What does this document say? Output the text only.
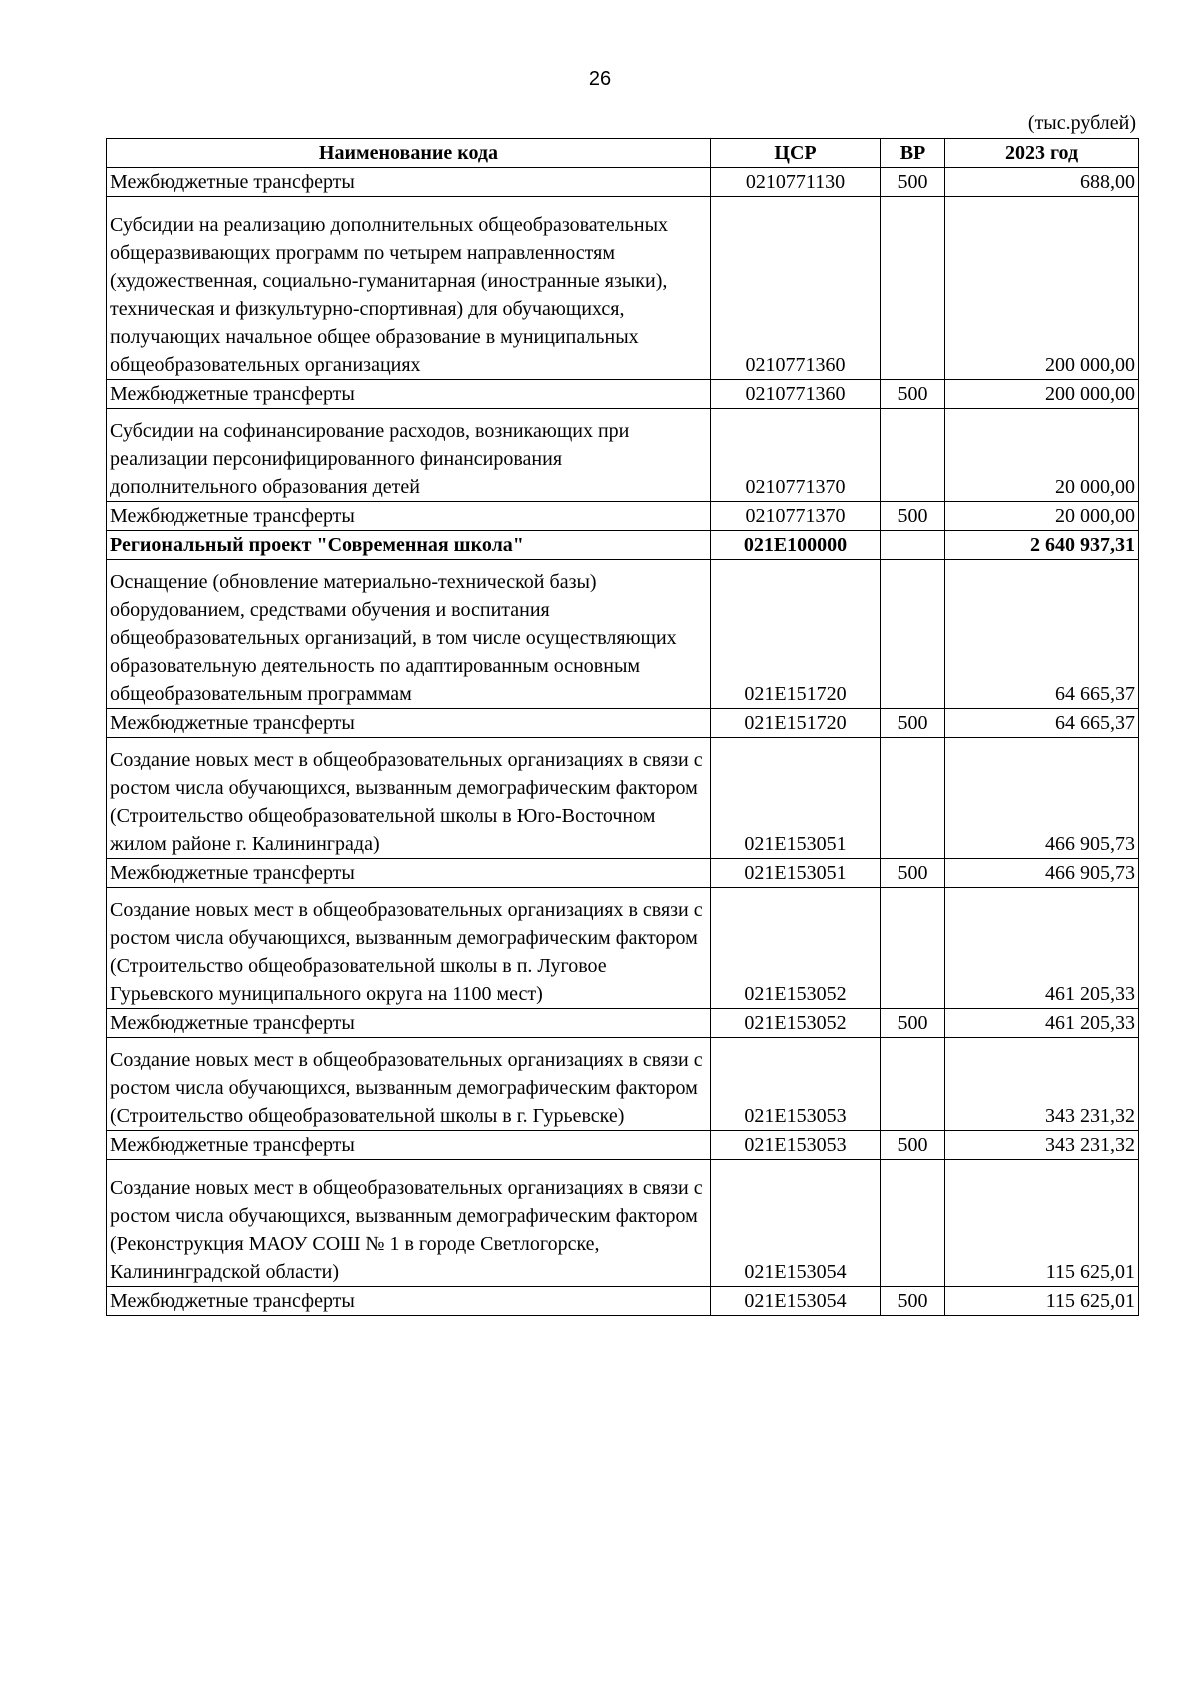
26
(тыс.рублей)
Наименование кода	ЦСР	ВР	2023 год
Межбюджетные трансферты	0210771130	500	688,00
Субсидии на реализацию дополнительных общеобразовательных общеразвивающих программ по четырем направленностям (художественная, социально-гуманитарная (иностранные языки), техническая и физкультурно-спортивная) для обучающихся, получающих начальное общее образование в муниципальных общеобразовательных организациях	0210771360		200 000,00
Межбюджетные трансферты	0210771360	500	200 000,00
Субсидии на софинансирование расходов, возникающих при реализации персонифицированного финансирования дополнительного образования детей	0210771370		20 000,00
Межбюджетные трансферты	0210771370	500	20 000,00
Региональный проект "Современная школа"	021E100000		2 640 937,31
Оснащение (обновление материально-технической базы) оборудованием, средствами обучения и воспитания общеобразовательных организаций, в том числе осуществляющих образовательную деятельность по адаптированным основным общеобразовательным программам	021E151720		64 665,37
Межбюджетные трансферты	021E151720	500	64 665,37
Создание новых мест в общеобразовательных организациях в связи с ростом числа обучающихся, вызванным демографическим фактором (Строительство общеобразовательной школы в Юго-Восточном жилом районе г. Калининграда)	021E153051		466 905,73
Межбюджетные трансферты	021E153051	500	466 905,73
Создание новых мест в общеобразовательных организациях в связи с ростом числа обучающихся, вызванным демографическим фактором (Строительство общеобразовательной школы в п. Луговое Гурьевского муниципального округа на 1100 мест)	021E153052		461 205,33
Межбюджетные трансферты	021E153052	500	461 205,33
Создание новых мест в общеобразовательных организациях в связи с ростом числа обучающихся, вызванным демографическим фактором (Строительство общеобразовательной школы в г. Гурьевске)	021E153053		343 231,32
Межбюджетные трансферты	021E153053	500	343 231,32
Создание новых мест в общеобразовательных организациях в связи с ростом числа обучающихся, вызванным демографическим фактором (Реконструкция МАОУ СОШ № 1 в городе Светлогорске, Калининградской области)	021E153054		115 625,01
Межбюджетные трансферты	021E153054	500	115 625,01
